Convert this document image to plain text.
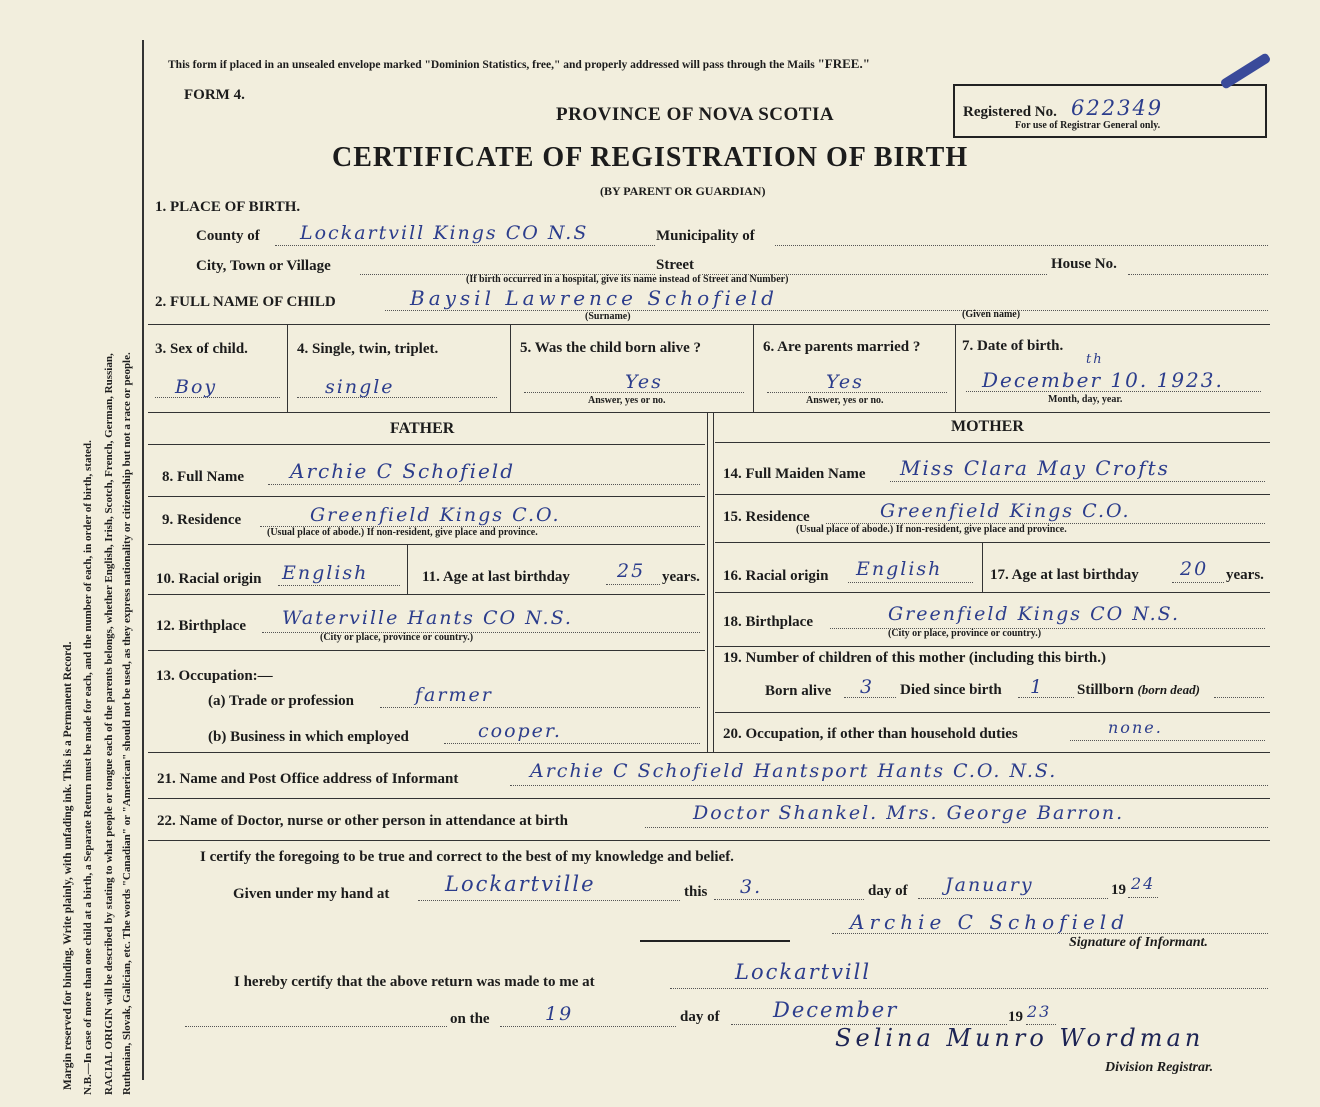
Margin reserved for binding. Write plainly, with unfading ink. This is a Permanent Record. N.B.—In case of more than one child at a birth, a Separate Return must be made for each, and the number of each, in order of birth, stated. RACIAL ORIGIN will be described by stating to what people or tongue each of the parents belongs, whether English, Irish, Scotch, French, German, Russian, Ruthenian, Slovak, Galician, etc. The words "Canadian" or "American" should not be used, as they express nationality or citizenship but not a race or people.
This form if placed in an unsealed envelope marked "Dominion Statistics, free," and properly addressed will pass through the Mails "FREE."
FORM 4.
PROVINCE OF NOVA SCOTIA
CERTIFICATE OF REGISTRATION OF BIRTH
(BY PARENT OR GUARDIAN)
Registered No. 622349
For use of Registrar General only.
1. PLACE OF BIRTH.
County of Lockartvill Kings CO N.S	Municipality of
City, Town or Village	Street	House No.
(If birth occurred in a hospital, give its name instead of Street and Number)
2. FULL NAME OF CHILD	Baysil Lawrence Schofield
(Surname)	(Given name)
3. Sex of child.
Boy
4. Single, twin, triplet.
single
5. Was the child born alive ?
Yes
Answer, yes or no.
6. Are parents married ?
Yes
Answer, yes or no.
7. Date of birth.
December 10. 1923.
th
Month, day, year.
FATHER	MOTHER
8. Full Name Archie C Schofield
9. Residence	Greenfield Kings C.O.
(Usual place of abode.) If non-resident, give place and province.
10. Racial origin English	11. Age at last birthday 25 years.
12. Birthplace Waterville Hants CO N.S.
(City or place, province or country.)
13. Occupation:—
(a) Trade or profession	farmer
(b) Business in which employed	cooper.
14. Full Maiden Name Miss Clara May Crofts
15. Residence	Greenfield Kings C.O.
(Usual place of abode.) If non-resident, give place and province.
16. Racial origin English	17. Age at last birthday 20 years.
18. Birthplace	Greenfield Kings CO N.S.
(City or place, province or country.)
19. Number of children of this mother (including this birth.)
Born alive 3 Died since birth 1 Stillborn (born dead)
20. Occupation, if other than household duties	none.
21. Name and Post Office address of Informant	Archie C Schofield Hantsport Hants C.O. N.S.
22. Name of Doctor, nurse or other person in attendance at birth	Doctor Shankel. Mrs. George Barron.
I certify the foregoing to be true and correct to the best of my knowledge and belief.
Given under my hand at	Lockartville	this 3.	day of January	19 24
Archie C Schofield
Signature of Informant.
I hereby certify that the above return was made to me at	Lockartvill
on the	19	day of	December	19 23
Selina Munro Wordman
Division Registrar.
